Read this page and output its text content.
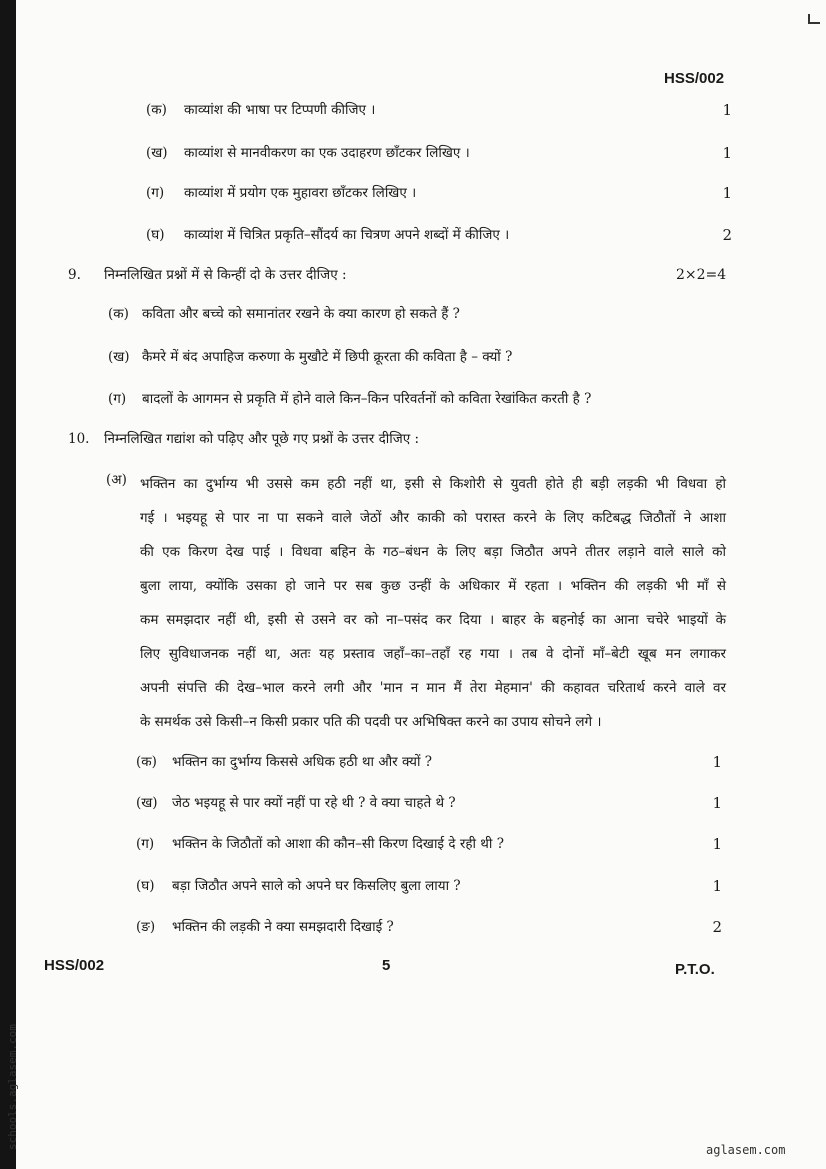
HSS/002
(क) काव्यांश की भाषा पर टिप्पणी कीजिए ।	1
(ख) काव्यांश से मानवीकरण का एक उदाहरण छाँटकर लिखिए ।	1
(ग) काव्यांश में प्रयोग एक मुहावरा छाँटकर लिखिए ।	1
(घ) काव्यांश में चित्रित प्रकृति–सौंदर्य का चित्रण अपने शब्दों में कीजिए ।	2
9. निम्नलिखित प्रश्नों में से किन्हीं दो के उत्तर दीजिए :	2×2=4
(क) कविता और बच्चे को समानांतर रखने के क्या कारण हो सकते हैं ?
(ख) कैमरे में बंद अपाहिज करुणा के मुखौटे में छिपी क्रूरता की कविता है – क्यों ?
(ग) बादलों के आगमन से प्रकृति में होने वाले किन–किन परिवर्तनों को कविता रेखांकित करती है ?
10. निम्नलिखित गद्यांश को पढ़िए और पूछे गए प्रश्नों के उत्तर दीजिए :
(अ) भक्तिन का दुर्भाग्य भी उससे कम हठी नहीं था, इसी से किशोरी से युवती होते ही बड़ी लड़की भी विधवा हो
गई । भइयहू से पार ना पा सकने वाले जेठों और काकी को परास्त करने के लिए कटिबद्ध जिठौतों ने आशा
की एक किरण देख पाई । विधवा बहिन के गठ–बंधन के लिए बड़ा जिठौत अपने तीतर लड़ाने वाले साले को
बुला लाया, क्योंकि उसका हो जाने पर सब कुछ उन्हीं के अधिकार में रहता । भक्तिन की लड़की भी माँ से
कम समझदार नहीं थी, इसी से उसने वर को ना–पसंद कर दिया । बाहर के बहनोई का आना चचेरे भाइयों के
लिए सुविधाजनक नहीं था, अतः यह प्रस्ताव जहाँ–का–तहाँ रह गया । तब वे दोनों माँ–बेटी खूब मन लगाकर
अपनी संपत्ति की देख–भाल करने लगी और 'मान न मान मैं तेरा मेहमान' की कहावत चरितार्थ करने वाले वर
के समर्थक उसे किसी–न किसी प्रकार पति की पदवी पर अभिषिक्त करने का उपाय सोचने लगे ।
(क) भक्तिन का दुर्भाग्य किससे अधिक हठी था और क्यों ?	1
(ख) जेठ भइयहू से पार क्यों नहीं पा रहे थी ? वे क्या चाहते थे ?	1
(ग) भक्तिन के जिठौतों को आशा की कौन–सी किरण दिखाई दे रही थी ?	1
(घ) बड़ा जिठौत अपने साले को अपने घर किसलिए बुला लाया ?	1
(ङ) भक्तिन की लड़की ने क्या समझदारी दिखाई ?	2
HSS/002	5	P.T.O.
schools.aglasem.com	aglasem.com
